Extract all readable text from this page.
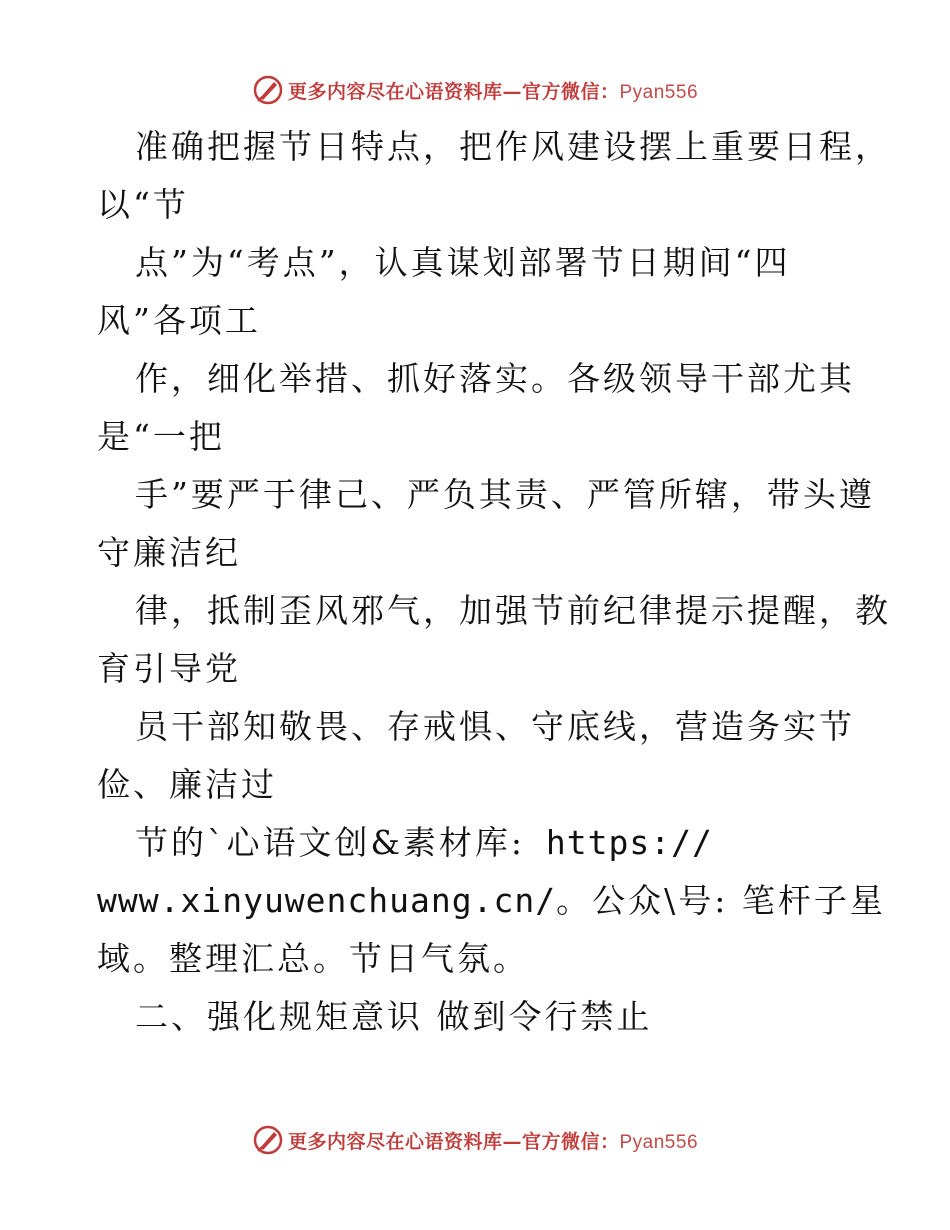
更多内容尽在心语资料库—官方微信：Pyan556
准确把握节日特点，把作风建设摆上重要日程，
以“节
点”为“考点”，认真谋划部署节日期间“四
风”各项工
作，细化举措、抓好落实。各级领导干部尤其
是“一把
手”要严于律己、严负其责、严管所辖，带头遵
守廉洁纪
律，抵制歪风邪气，加强节前纪律提示提醒，教
育引导党
员干部知敬畏、存戒惧、守底线，营造务实节
俭、廉洁过
节的`心语文创&素材库: https://
www.xinyuwenchuang.cn/。公众\号: 笔杆子星
域。整理汇总。节日气氛。
二、强化规矩意识 做到令行禁止
更多内容尽在心语资料库—官方微信：Pyan556
